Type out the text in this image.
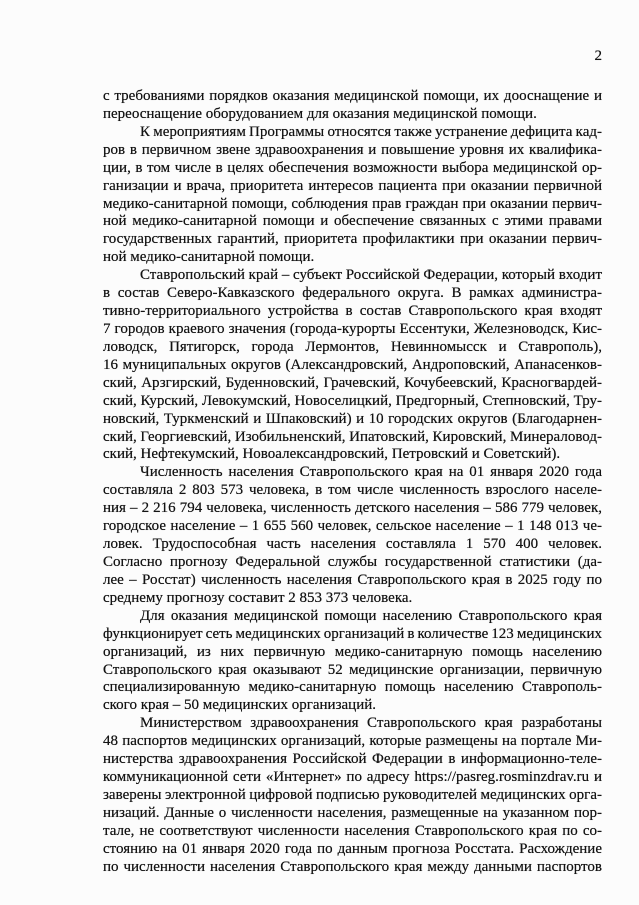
2
с требованиями порядков оказания медицинской помощи, их дооснащение и
переоснащение оборудованием для оказания медицинской помощи.
К мероприятиям Программы относятся также устранение дефицита кад-
ров в первичном звене здравоохранения и повышение уровня их квалифика-
ции, в том числе в целях обеспечения возможности выбора медицинской ор-
ганизации и врача, приоритета интересов пациента при оказании первичной
медико-санитарной помощи, соблюдения прав граждан при оказании первич-
ной медико-санитарной помощи и обеспечение связанных с этими правами
государственных гарантий, приоритета профилактики при оказании первич-
ной медико-санитарной помощи.
Ставропольский край – субъект Российской Федерации, который входит
в состав Северо-Кавказского федерального округа. В рамках администра-
тивно-территориального устройства в состав Ставропольского края входят
7 городов краевого значения (города-курорты Ессентуки, Железноводск, Кис-
ловодск, Пятигорск, города Лермонтов, Невинномысск и Ставрополь),
16 муниципальных округов (Александровский, Андроповский, Апанасенков-
ский, Арзгирский, Буденновский, Грачевский, Кочубеевский, Красногвардей-
ский, Курский, Левокумский, Новоселицкий, Предгорный, Степновский, Тру-
новский, Туркменский и Шпаковский) и 10 городских округов (Благодарнен-
ский, Георгиевский, Изобильненский, Ипатовский, Кировский, Минераловод-
ский, Нефтекумский, Новоалександровский, Петровский и Советский).
Численность населения Ставропольского края на 01 января 2020 года
составляла 2 803 573 человека, в том числе численность взрослого населе-
ния – 2 216 794 человека, численность детского населения – 586 779 человек,
городское население – 1 655 560 человек, сельское население – 1 148 013 че-
ловек. Трудоспособная часть населения составляла 1 570 400 человек.
Согласно прогнозу Федеральной службы государственной статистики (да-
лее – Росстат) численность населения Ставропольского края в 2025 году по
среднему прогнозу составит 2 853 373 человека.
Для оказания медицинской помощи населению Ставропольского края
функционирует сеть медицинских организаций в количестве 123 медицинских
организаций, из них первичную медико-санитарную помощь населению
Ставропольского края оказывают 52 медицинские организации, первичную
специализированную медико-санитарную помощь населению Ставрополь-
ского края – 50 медицинских организаций.
Министерством здравоохранения Ставропольского края разработаны
48 паспортов медицинских организаций, которые размещены на портале Ми-
нистерства здравоохранения Российской Федерации в информационно-теле-
коммуникационной сети «Интернет» по адресу https://pasreg.rosminzdrav.ru и
заверены электронной цифровой подписью руководителей медицинских орга-
низаций. Данные о численности населения, размещенные на указанном пор-
тале, не соответствуют численности населения Ставропольского края по со-
стоянию на 01 января 2020 года по данным прогноза Росстата. Расхождение
по численности населения Ставропольского края между данными паспортов
